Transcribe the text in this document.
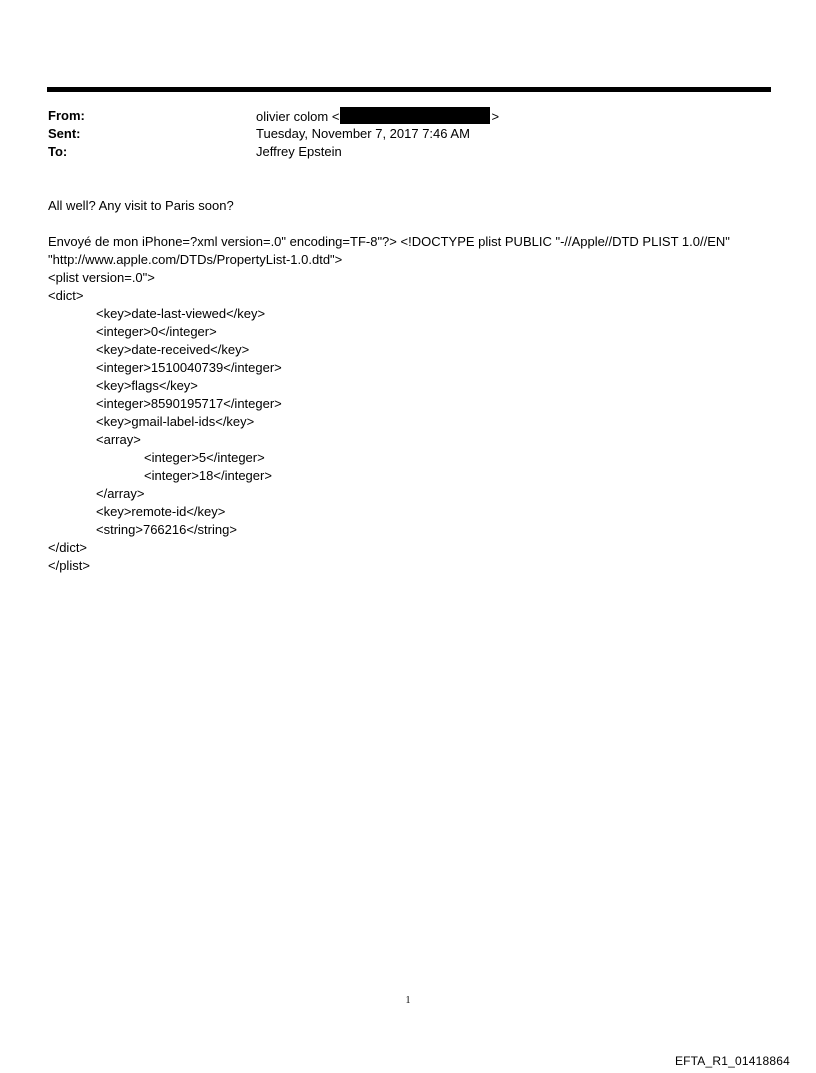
From:	olivier colom <	>
Sent:	Tuesday, November 7, 2017 7:46 AM
To:	Jeffrey Epstein
All well? Any visit to Paris soon?
Envoyé de mon iPhone=?xml version=.0" encoding=TF-8"?> <!DOCTYPE plist PUBLIC "-//Apple//DTD PLIST 1.0//EN"
"http://www.apple.com/DTDs/PropertyList-1.0.dtd">
<plist version=.0">
<dict>
<key>date-last-viewed</key>
<integer>0</integer>
<key>date-received</key>
<integer>1510040739</integer>
<key>flags</key>
<integer>8590195717</integer>
<key>gmail-label-ids</key>
<array>
<integer>5</integer>
<integer>18</integer>
</array>
<key>remote-id</key>
<string>766216</string>
</dict>
</plist>
1
EFTA_R1_01418864
